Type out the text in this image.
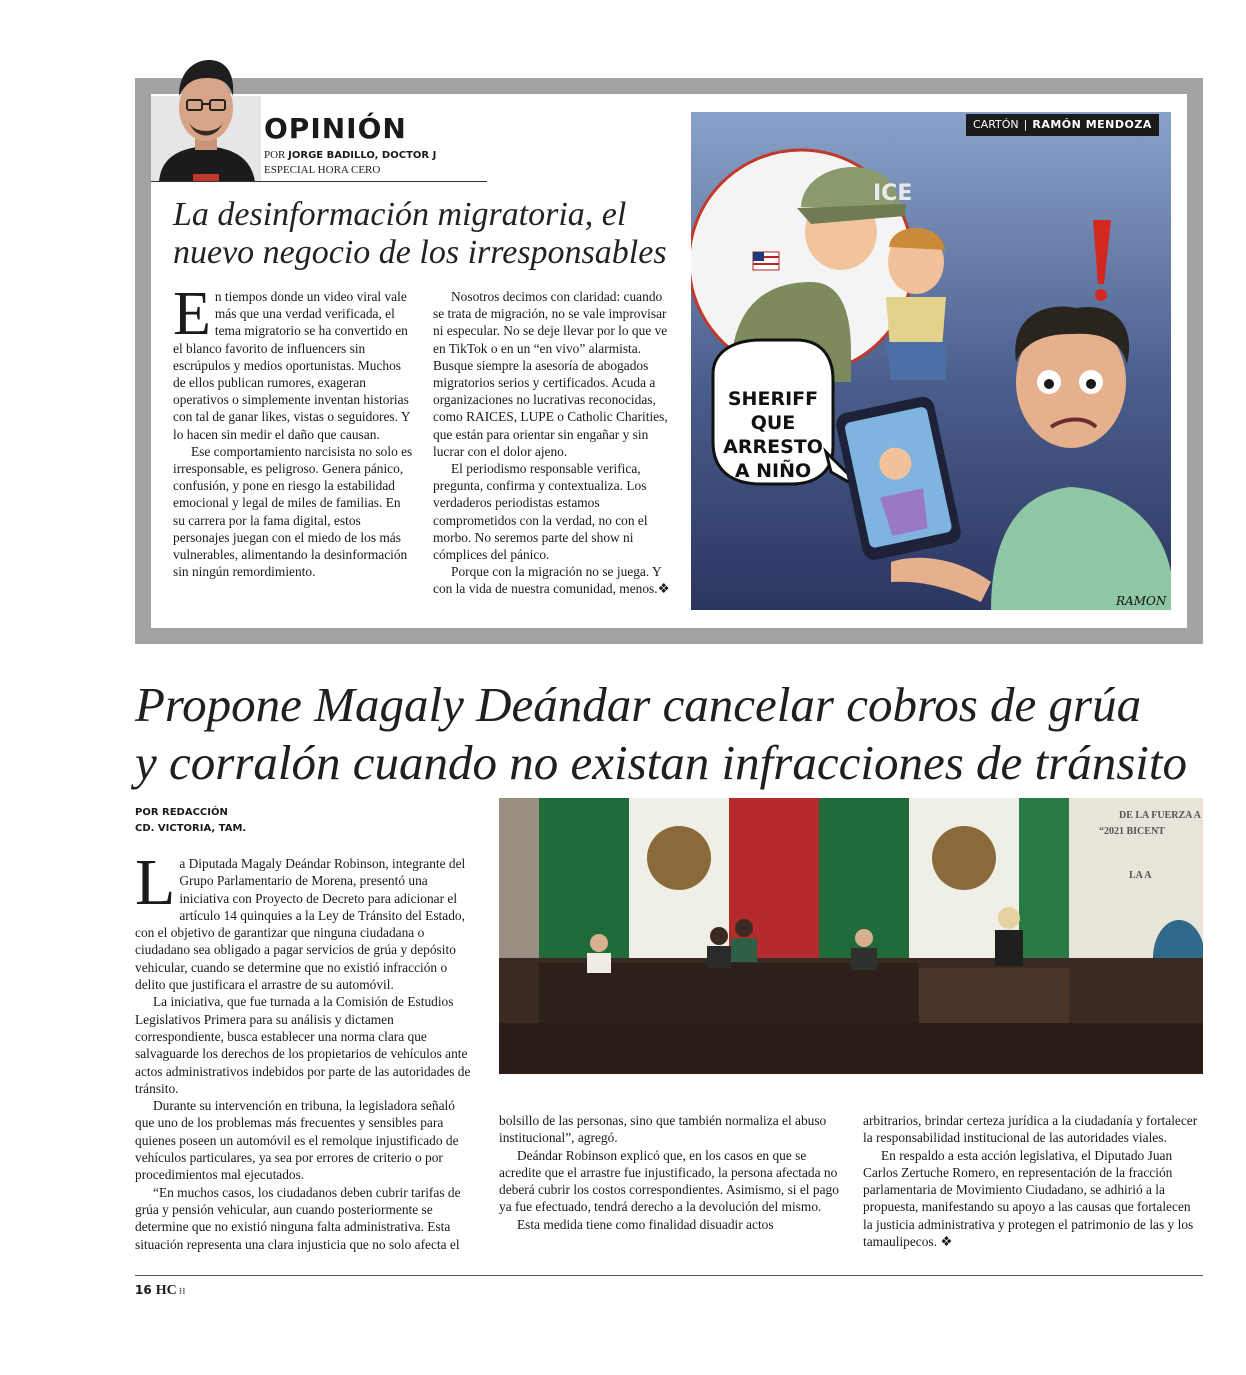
OPINIÓN
POR JORGE BADILLO, DOCTOR J
ESPECIAL HORA CERO
La desinformación migratoria, el nuevo negocio de los irresponsables

En tiempos donde un video viral vale más que una verdad verificada, el tema migratorio se ha convertido en el blanco favorito de influencers sin escrúpulos y medios oportunistas. Muchos de ellos publican rumores, exageran operativos o simplemente inventan historias con tal de ganar likes, vistas o seguidores. Y lo hacen sin medir el daño que causan.

Ese comportamiento narcisista no solo es irresponsable, es peligroso. Genera pánico, confusión, y pone en riesgo la estabilidad emocional y legal de miles de familias. En su carrera por la fama digital, estos personajes juegan con el miedo de los más vulnerables, alimentando la desinformación sin ningún remordimiento.

Nosotros decimos con claridad: cuando se trata de migración, no se vale improvisar ni especular. No se deje llevar por lo que ve en TikTok o en un “en vivo” alarmista. Busque siempre la asesoría de abogados migratorios serios y certificados. Acuda a organizaciones no lucrativas reconocidas, como RAICES, LUPE o Catholic Charities, que están para orientar sin engañar y sin lucrar con el dolor ajeno.

El periodismo responsable verifica, pregunta, confirma y contextualiza. Los verdaderos periodistas estamos comprometidos con la verdad, no con el morbo. No seremos parte del show ni cómplices del pánico.

Porque con la migración no se juega. Y con la vida de nuestra comunidad, menos.❖

ICE
SHERIFF
QUE
ARRESTO
A NIÑO
RAMON
CARTÓN | RAMÓN MENDOZA
Propone Magaly Deándar cancelar cobros de grúa
y corralón cuando no existan infracciones de tránsito
POR REDACCIÓN
CD. VICTORIA, TAM.
DE LA FUERZA A
“2021 BICENT
LA A

La Diputada Magaly Deándar Robinson, integrante del Grupo Parlamentario de Morena, presentó una iniciativa con Proyecto de Decreto para adicionar el artículo 14 quinquies a la Ley de Tránsito del Estado, con el objetivo de garantizar que ninguna ciudadana o ciudadano sea obligado a pagar servicios de grúa y depósito vehicular, cuando se determine que no existió infracción o delito que justificara el arrastre de su automóvil.

La iniciativa, que fue turnada a la Comisión de Estudios Legislativos Primera para su análisis y dictamen correspondiente, busca establecer una norma clara que salvaguarde los derechos de los propietarios de vehículos ante actos administrativos indebidos por parte de las autoridades de tránsito.

Durante su intervención en tribuna, la legisladora señaló que uno de los problemas más frecuentes y sensibles para quienes poseen un automóvil es el remolque injustificado de vehículos particulares, ya sea por errores de criterio o por procedimientos mal ejecutados.

“En muchos casos, los ciudadanos deben cubrir tarifas de grúa y pensión vehicular, aun cuando posteriormente se determine que no existió ninguna falta administrativa. Esta situación representa una clara injusticia que no solo afecta el

bolsillo de las personas, sino que también normaliza el abuso institucional”, agregó.

Deándar Robinson explicó que, en los casos en que se acredite que el arrastre fue injustificado, la persona afectada no deberá cubrir los costos correspondientes. Asimismo, si el pago ya fue efectuado, tendrá derecho a la devolución del mismo.

Esta medida tiene como finalidad disuadir actos

arbitrarios, brindar certeza jurídica a la ciudadanía y fortalecer la responsabilidad institucional de las autoridades viales.

En respaldo a esta acción legislativa, el Diputado Juan Carlos Zertuche Romero, en representación de la fracción parlamentaria de Movimiento Ciudadano, se adhirió a la propuesta, manifestando su apoyo a las causas que fortalecen la justicia administrativa y protegen el patrimonio de las y los tamaulipecos. ❖

16 HC ⁝⁝
